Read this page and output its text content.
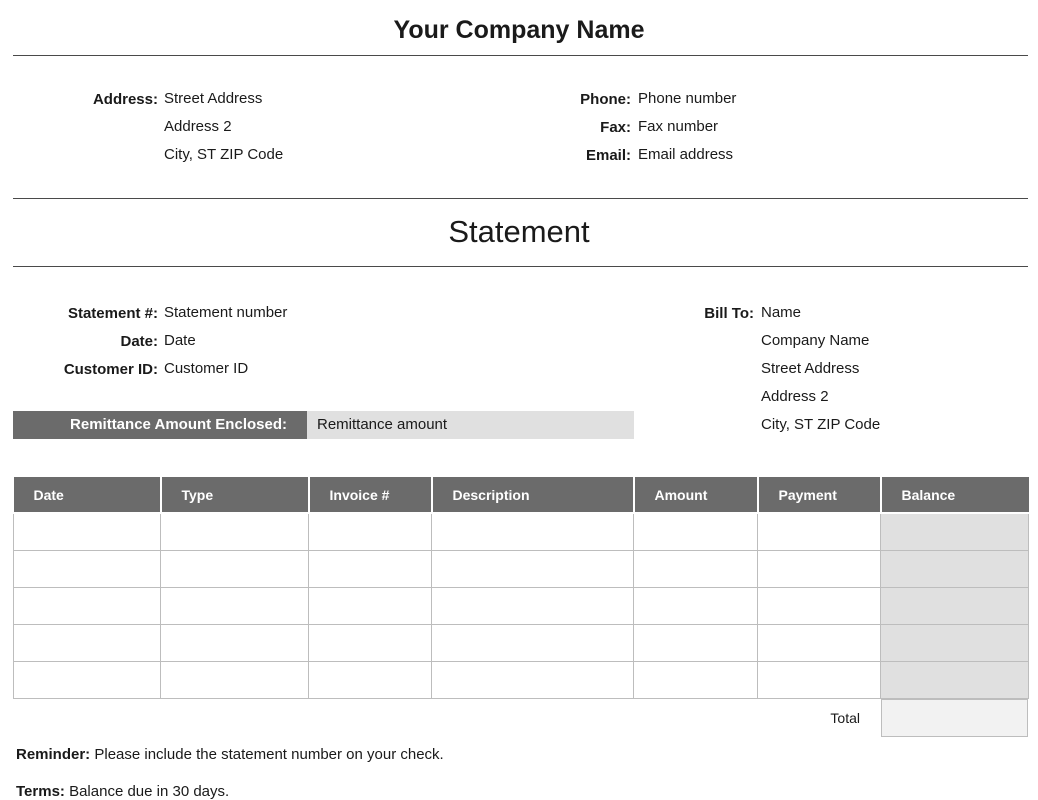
Your Company Name
Address: Street Address
Address 2
City, ST ZIP Code
Phone: Phone number
Fax: Fax number
Email: Email address
Statement
Statement #: Statement number
Date: Date
Customer ID: Customer ID
Bill To: Name
Company Name
Street Address
Address 2
City, ST ZIP Code
Remittance Amount Enclosed:	Remittance amount
Date	Type	Invoice #	Description	Amount	Payment	Balance

Total
Reminder: Please include the statement number on your check.
Terms: Balance due in 30 days.
